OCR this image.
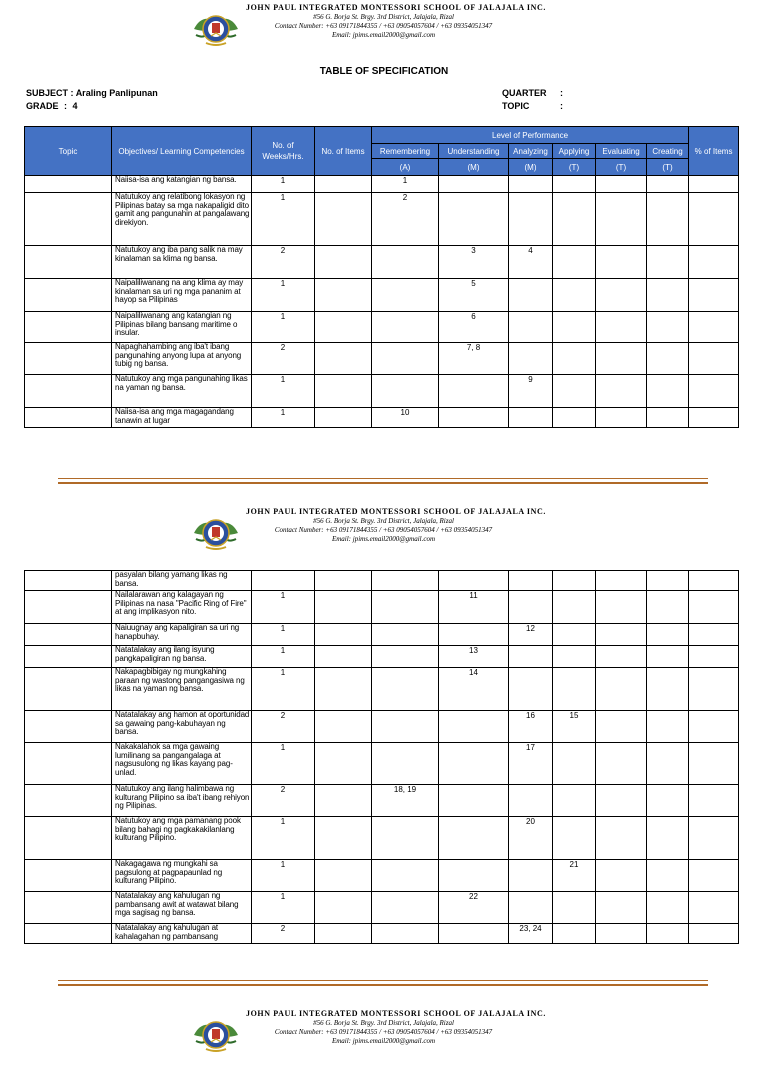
JOHN PAUL INTEGRATED MONTESSORI SCHOOL OF JALAJALA INC.
#56 G. Borja St. Brgy. 3rd District, Jalajala, Rizal
Contact Number: +63 09171844355 / +63 09054057604 / +63 09354051347
Email: jpims.email2000@gmail.com
JOHN PAUL INTEGRATED MONTESSORI SCHOOL OF JALAJALA INC.
#56 G. Borja St. Brgy. 3rd District, Jalajala, Rizal
Contact Number: +63 09171844355 / +63 09054057604 / +63 09354051347
Email: jpims.email2000@gmail.com
JOHN PAUL INTEGRATED MONTESSORI SCHOOL OF JALAJALA INC.
#56 G. Borja St. Brgy. 3rd District, Jalajala, Rizal
Contact Number: +63 09171844355 / +63 09054057604 / +63 09354051347
Email: jpims.email2000@gmail.com
TABLE OF SPECIFICATION
SUBJECT : Araling Panlipunan
GRADE : 4
QUARTER :
TOPIC	:
Topic	Objectives/ Learning Competencies	No. of Weeks/Hrs.	No. of Items	Level of Performance						% of Items
				Remembering	Understanding	Analyzing	Applying	Evaluating	Creating	
				(A)	(M)	(M)	(T)	(T)	(T)	
	Naiisa-isa ang katangian ng bansa.	1		1						
	Natutukoy ang relatibong lokasyon ng Pilipinas batay sa mga nakapaligid dito gamit ang pangunahin at pangalawang direkiyon.	1		2						
	Natutukoy ang iba pang salik na may kinalaman sa klima ng bansa.	2			3	4				
	Naipaliliwanang na ang klima ay may kinalaman sa uri ng mga pananim at hayop sa Pilipinas	1			5					
	Naipaliliwanang ang katangian ng Pilipinas bilang bansang maritime o insular.	1			6					
	Napaghahambing ang iba't ibang pangunahing anyong lupa at anyong tubig ng bansa.	2			7, 8					
	Natutukoy ang mga pangunahing likas na yaman ng bansa.	1				9				
	Naiisa-isa ang mga magagandang tanawin at lugar	1		10						
	pasyalan bilang yamang likas ng bansa.									
	Nailalarawan ang kalagayan ng Pilipinas na nasa "Pacific Ring of Fire" at ang implikasyon nito.	1			11					
	Naiuugnay ang kapaligiran sa uri ng hanapbuhay.	1				12				
	Natatalakay ang ilang isyung pangkapaligiran ng bansa.	1			13					
	Nakapagbibigay ng mungkahing paraan ng wastong pangangasiwa ng likas na yaman ng bansa.	1			14					
	Natatalakay ang hamon at oportunidad sa gawaing pang-kabuhayan ng bansa.	2				16	15			
	Nakakalahok sa mga gawaing lumilinang sa pangangalaga at nagsusulong ng likas kayang pag-unlad.	1				17				
	Natutukoy ang ilang halimbawa ng kulturang Pilipino sa iba't ibang rehiyon ng Pilipinas.	2		18, 19						
	Natutukoy ang mga pamanang pook bilang bahagi ng pagkakakilanlang kulturang Pilipino.	1				20				
	Nakagagawa ng mungkahi sa pagsulong at pagpapaunlad ng kulturang Pilipino.	1					21			
	Natatalakay ang kahulugan ng pambansang awit at watawat bilang mga sagisag ng bansa.	1			22					
	Natatalakay ang kahulugan at kahalagahan ng pambansang	2				23, 24				
